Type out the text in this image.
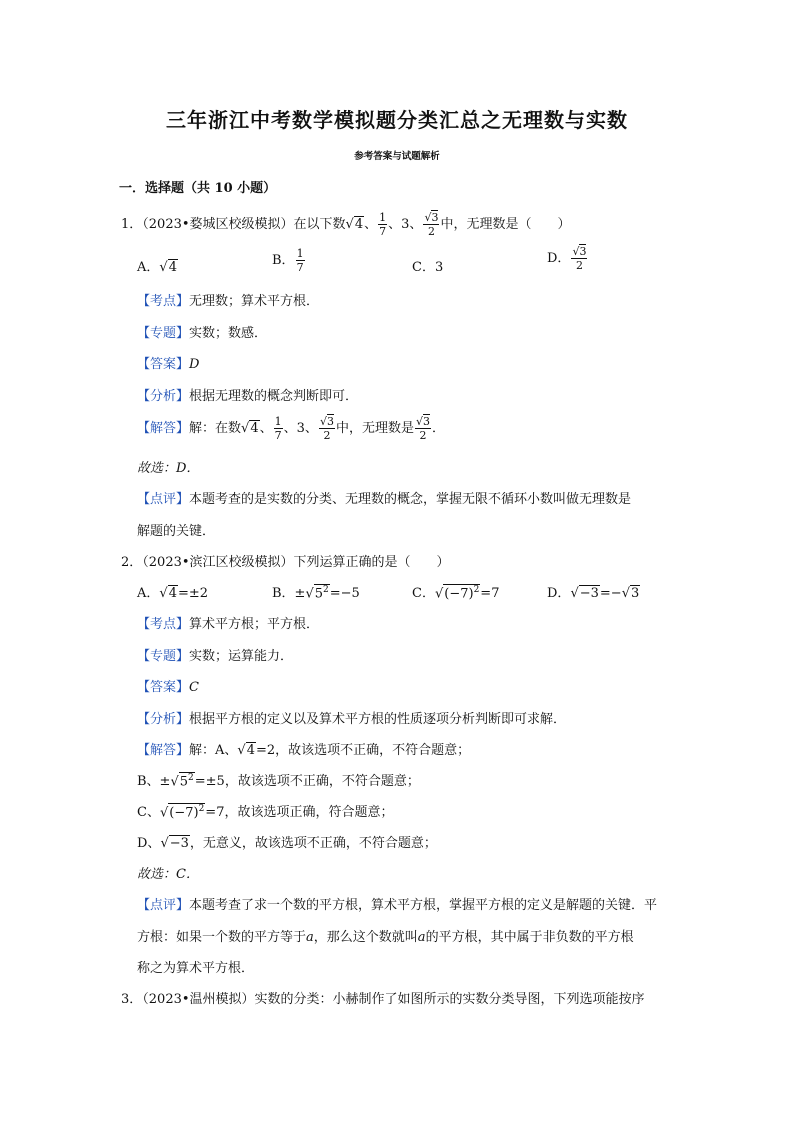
三年浙江中考数学模拟题分类汇总之无理数与实数
参考答案与试题解析
一．选择题（共 10 小题）
1．（2023•婺城区校级模拟）在以下数√4、 $\frac{1}{7}$ 、3、 $\frac{√3}{2}$ 中，无理数是（　　）
A．√4	B． $\frac{1}{7}$	C．3
D． $\frac{√3}{2}$
【考点】无理数；算术平方根．
【专题】实数；数感．
【答案】D
【分析】根据无理数的概念判断即可．
【解答】解：在数√4、 $\frac{1}{7}$ 、3、 $\frac{√3}{2}$ 中，无理数是 $\frac{√3}{2}$ ．
故选：D．
【点评】本题考查的是实数的分类、无理数的概念，掌握无限不循环小数叫做无理数是
解题的关键．
2．（2023•滨江区校级模拟）下列运算正确的是（　　）
A．√4=±2	B．$\pm√5^2=-5$	C．$√(-7)^2=7$	D．√−3=−√3
【考点】算术平方根；平方根．
【专题】实数；运算能力．
【答案】C
【分析】根据平方根的定义以及算术平方根的性质逐项分析判断即可求解．
【解答】解：A、√4=2，故该选项不正确，不符合题意；
B、$\pm√5^2=\pm 5$，故该选项不正确，不符合题意；
C、$√(-7)^2=7$，故该选项正确，符合题意；
D、√−3，无意义，故该选项不正确，不符合题意；
故选：C．
【点评】本题考查了求一个数的平方根，算术平方根，掌握平方根的定义是解题的关键．平
方根：如果一个数的平方等于a，那么这个数就叫a的平方根，其中属于非负数的平方根
称之为算术平方根．
3．（2023•温州模拟）实数的分类：小赫制作了如图所示的实数分类导图，下列选项能按序
